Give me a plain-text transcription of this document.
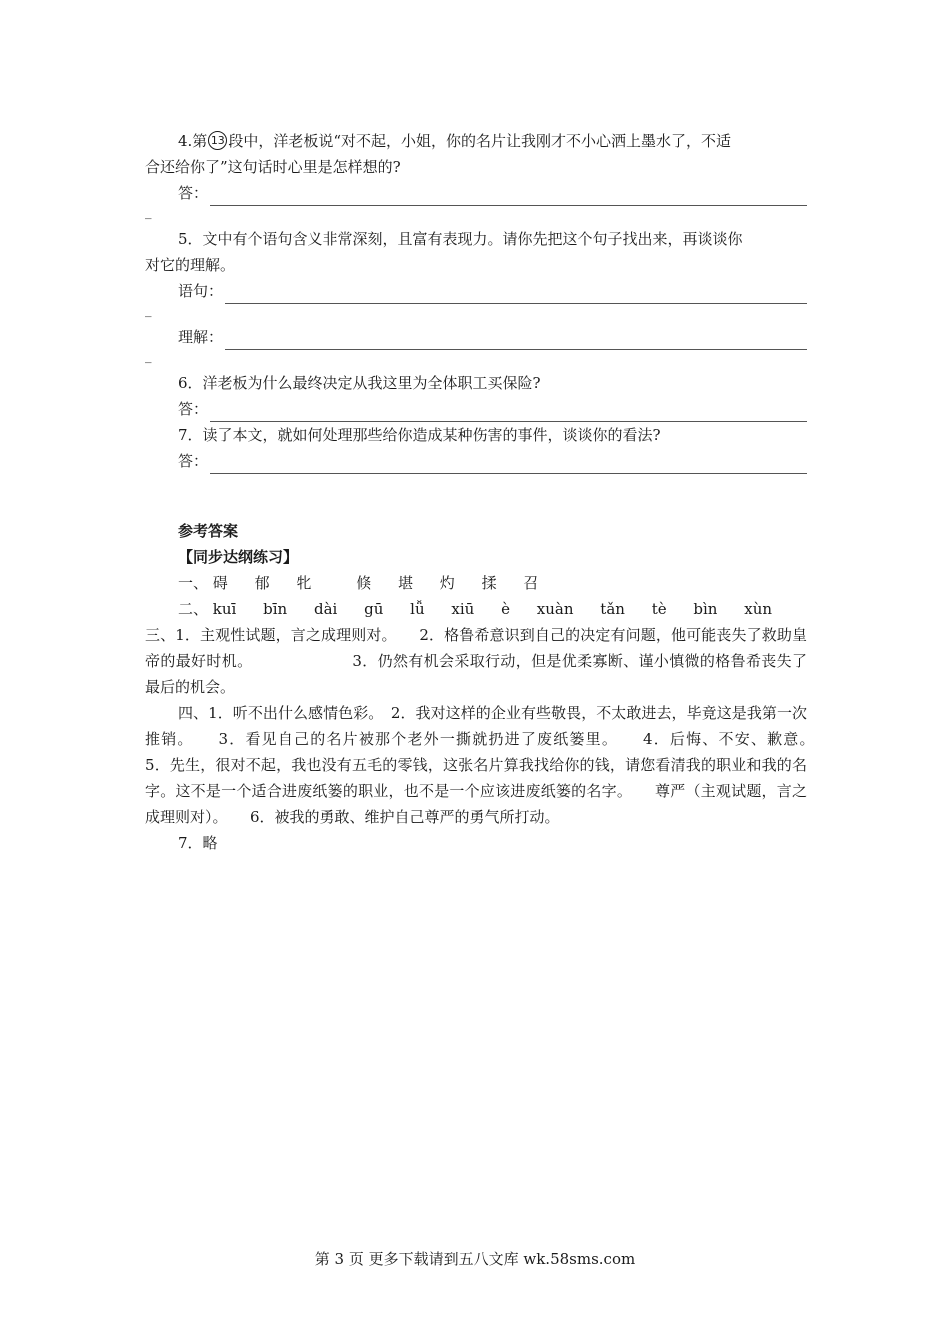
4.第 13 段中，洋老板说“对不起，小姐，你的名片让我刚才不小心洒上墨水了，不适
合还给你了”这句话时心里是怎样想的?
答：
_
5．文中有个语句含义非常深刻，且富有表现力。请你先把这个句子找出来，再谈谈你
对它的理解。
语句：
_
理解：
_
6．洋老板为什么最终决定从我这里为全体职工买保险?
答：
7．读了本文，就如何处理那些给你造成某种伤害的事件，谈谈你的看法?
答：
参考答案
【同步达纲练习】
一、 碍 郁 牝	倏 堪 灼 揉 召
二、 kuī bīn dài gū lǚ xiū è xuàn tǎn tè bìn xùn
三、1．主观性试题，言之成理则对。　　2．格鲁希意识到自己的决定有问题，他可能丧失了救助皇帝的最好时机。　　　　　　　3．仍然有机会采取行动，但是优柔寡断、谨小慎微的格鲁希丧失了最后的机会。
四、1．听不出什么感情色彩。　2．我对这样的企业有些敬畏，不太敢进去，毕竟这是我第一次推销。　　3．看见自己的名片被那个老外一撕就扔进了废纸篓里。　　4．后悔、不安、歉意。　　5．先生，很对不起，我也没有五毛的零钱，这张名片算我找给你的钱，请您看清我的职业和我的名字。这不是一个适合进废纸篓的职业，也不是一个应该进废纸篓的名字。　　尊严（主观试题，言之成理则对）。　　6．被我的勇敢、维护自己尊严的勇气所打动。
7．略
第 3 页 更多下载请到五八文库 wk.58sms.com
